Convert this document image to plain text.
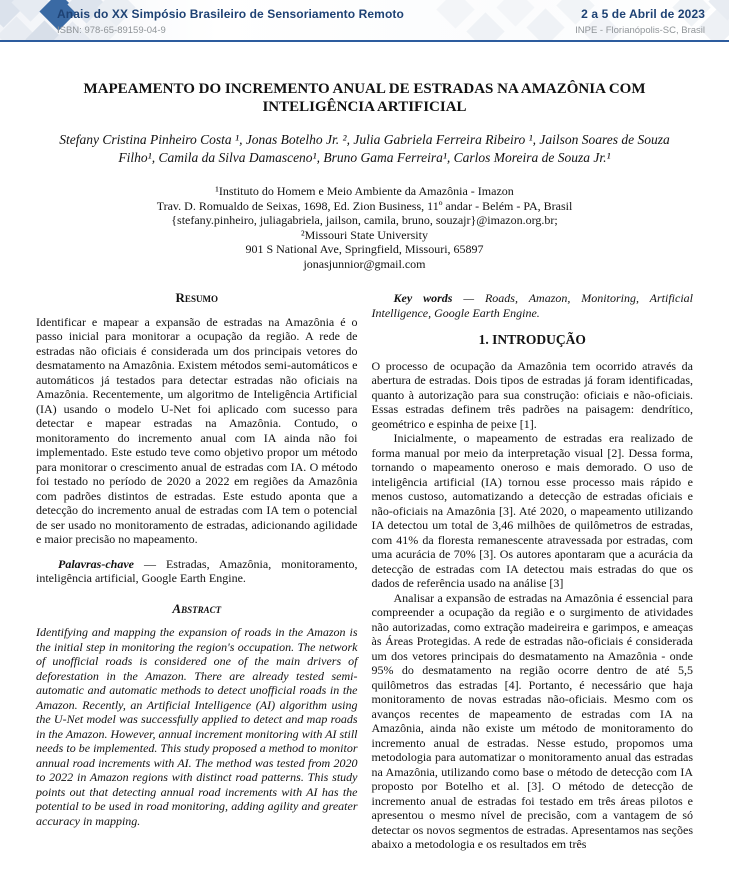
Anais do XX Simpósio Brasileiro de Sensoriamento Remoto
ISBN: 978-65-89159-04-9
2 a 5 de Abril de 2023
INPE - Florianópolis-SC, Brasil
MAPEAMENTO DO INCREMENTO ANUAL DE ESTRADAS NA AMAZÔNIA COM
INTELIGÊNCIA ARTIFICIAL
Stefany Cristina Pinheiro Costa ¹, Jonas Botelho Jr. ², Julia Gabriela Ferreira Ribeiro ¹, Jailson Soares de Souza Filho¹, Camila da Silva Damasceno¹, Bruno Gama Ferreira¹, Carlos Moreira de Souza Jr.¹
¹Instituto do Homem e Meio Ambiente da Amazônia - Imazon
Trav. D. Romualdo de Seixas, 1698, Ed. Zion Business, 11º andar - Belém - PA, Brasil
{stefany.pinheiro, juliagabriela, jailson, camila, bruno, souzajr}@imazon.org.br;
²Missouri State University
901 S National Ave, Springfield, Missouri, 65897
jonasjunnior@gmail.com
Resumo

Identificar e mapear a expansão de estradas na Amazônia é o passo inicial para monitorar a ocupação da região. A rede de estradas não oficiais é considerada um dos principais vetores do desmatamento na Amazônia. Existem métodos semi-automáticos e automáticos já testados para detectar estradas não oficiais na Amazônia. Recentemente, um algoritmo de Inteligência Artificial (IA) usando o modelo U-Net foi aplicado com sucesso para detectar e mapear estradas na Amazônia. Contudo, o monitoramento do incremento anual com IA ainda não foi implementado. Este estudo teve como objetivo propor um método para monitorar o crescimento anual de estradas com IA. O método foi testado no período de 2020 a 2022 em regiões da Amazônia com padrões distintos de estradas. Este estudo aponta que a detecção do incremento anual de estradas com IA tem o potencial de ser usado no monitoramento de estradas, adicionando agilidade e maior precisão no mapeamento.

Palavras-chave — Estradas, Amazônia, monitoramento, inteligência artificial, Google Earth Engine.

Abstract

Identifying and mapping the expansion of roads in the Amazon is the initial step in monitoring the region's occupation. The network of unofficial roads is considered one of the main drivers of deforestation in the Amazon. There are already tested semi-automatic and automatic methods to detect unofficial roads in the Amazon. Recently, an Artificial Intelligence (AI) algorithm using the U-Net model was successfully applied to detect and map roads in the Amazon. However, annual increment monitoring with AI still needs to be implemented. This study proposed a method to monitor annual road increments with AI. The method was tested from 2020 to 2022 in Amazon regions with distinct road patterns. This study points out that detecting annual road increments with AI has the potential to be used in road monitoring, adding agility and greater accuracy in mapping.

Key words — Roads, Amazon, Monitoring, Artificial Intelligence, Google Earth Engine.

1. INTRODUÇÃO

O processo de ocupação da Amazônia tem ocorrido através da abertura de estradas. Dois tipos de estradas já foram identificadas, quanto à autorização para sua construção: oficiais e não-oficiais. Essas estradas definem três padrões na paisagem: dendrítico, geométrico e espinha de peixe [1].

Inicialmente, o mapeamento de estradas era realizado de forma manual por meio da interpretação visual [2]. Dessa forma, tornando o mapeamento oneroso e mais demorado. O uso de inteligência artificial (IA) tornou esse processo mais rápido e menos custoso, automatizando a detecção de estradas oficiais e não-oficiais na Amazônia [3]. Até 2020, o mapeamento utilizando IA detectou um total de 3,46 milhões de quilômetros de estradas, com 41% da floresta remanescente atravessada por estradas, com uma acurácia de 70% [3]. Os autores apontaram que a acurácia da detecção de estradas com IA detectou mais estradas do que os dados de referência usado na análise [3]

Analisar a expansão de estradas na Amazônia é essencial para compreender a ocupação da região e o surgimento de atividades não autorizadas, como extração madeireira e garimpos, e ameaças às Áreas Protegidas. A rede de estradas não-oficiais é considerada um dos vetores principais do desmatamento na Amazônia - onde 95% do desmatamento na região ocorre dentro de até 5,5 quilômetros das estradas [4]. Portanto, é necessário que haja monitoramento de novas estradas não-oficiais. Mesmo com os avanços recentes de mapeamento de estradas com IA na Amazônia, ainda não existe um método de monitoramento do incremento anual de estradas. Nesse estudo, propomos uma metodologia para automatizar o monitoramento anual das estradas na Amazônia, utilizando como base o método de detecção com IA proposto por Botelho et al. [3]. O método de detecção de incremento anual de estradas foi testado em três áreas pilotos e apresentou o mesmo nível de precisão, com a vantagem de só detectar os novos segmentos de estradas. Apresentamos nas seções abaixo a metodologia e os resultados em três
